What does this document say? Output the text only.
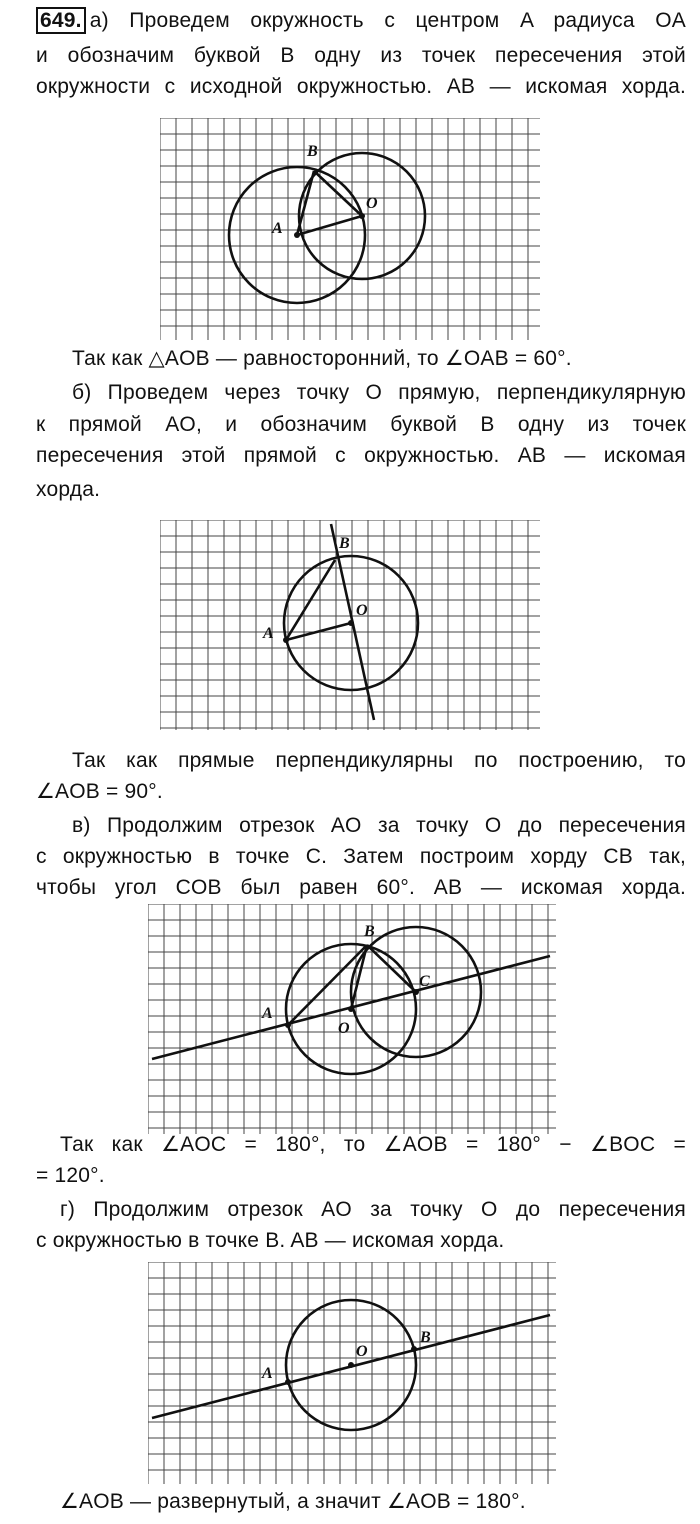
649. а) Проведем окружность с центром A радиуса OA
и обозначим буквой B одну из точек пересечения этой
окружности с исходной окружностью. AB — искомая хорда.
B
O
A
Так как △AOB — равносторонний, то ∠OAB = 60°.
б) Проведем через точку O прямую, перпендикулярную
к прямой AO, и обозначим буквой B одну из точек
пересечения этой прямой с окружностью. AB — искомая
хорда.
B
O
A
Так как прямые перпендикулярны по построению, то
∠AOB = 90°.
в) Продолжим отрезок AO за точку O до пересечения
с окружностью в точке C. Затем построим хорду CB так,
чтобы угол COB был равен 60°. AB — искомая хорда.
B
C
A
O
Так как ∠AOC = 180°, то ∠AOB = 180° − ∠BOC =
= 120°.
г) Продолжим отрезок AO за точку O до пересечения
с окружностью в точке B. AB — искомая хорда.
B
O
A
∠AOB — развернутый, а значит ∠AOB = 180°.
